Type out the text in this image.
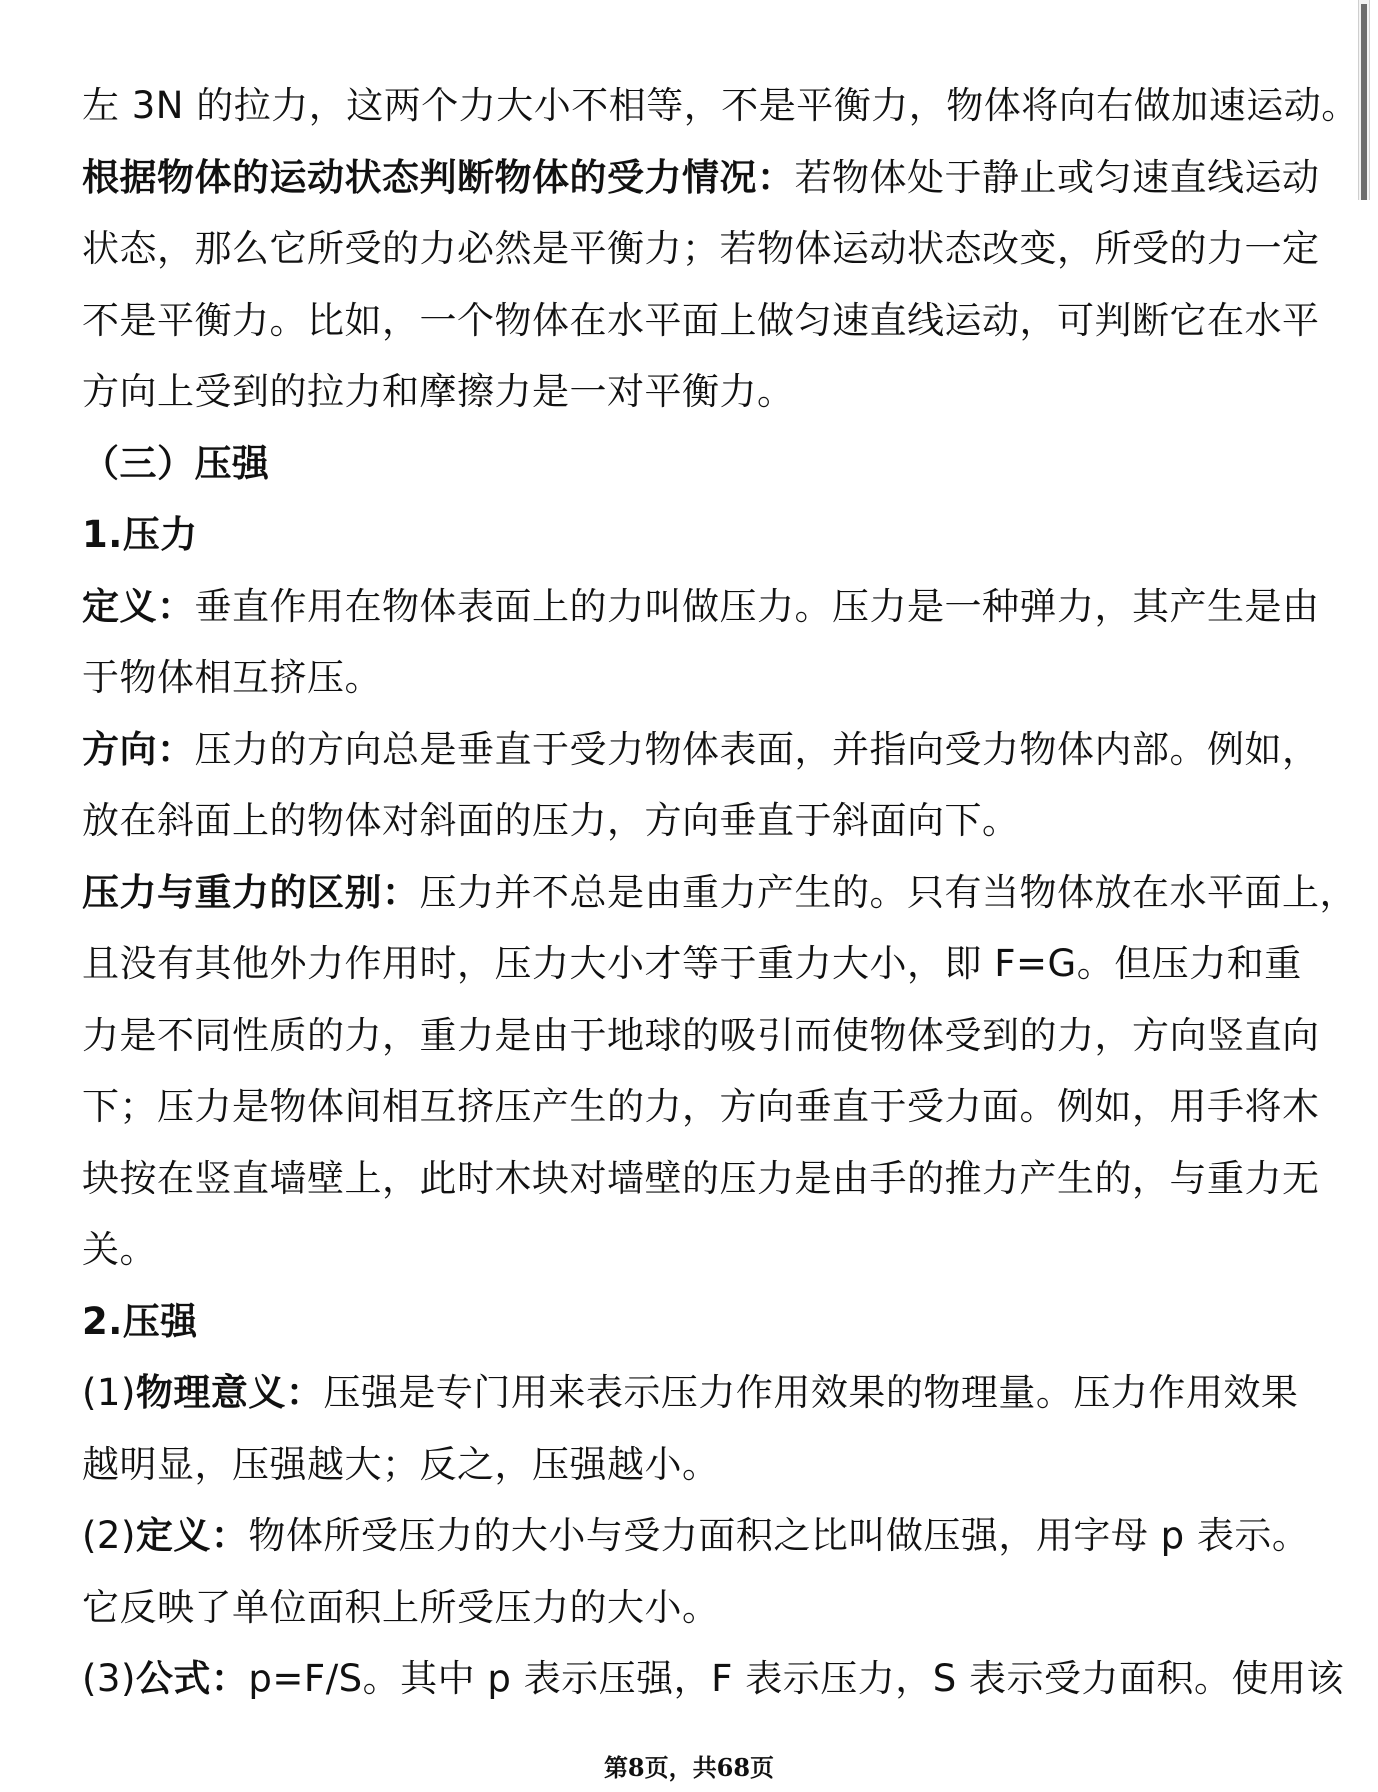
左 3N 的拉力，这两个力大小不相等，不是平衡力，物体将向右做加速运动。
根据物体的运动状态判断物体的受力情况：若物体处于静止或匀速直线运动
状态，那么它所受的力必然是平衡力；若物体运动状态改变，所受的力一定
不是平衡力。比如，一个物体在水平面上做匀速直线运动，可判断它在水平
方向上受到的拉力和摩擦力是一对平衡力。
（三）压强
1.压力
定义：垂直作用在物体表面上的力叫做压力。压力是一种弹力，其产生是由
于物体相互挤压。
方向：压力的方向总是垂直于受力物体表面，并指向受力物体内部。例如，
放在斜面上的物体对斜面的压力，方向垂直于斜面向下。
压力与重力的区别：压力并不总是由重力产生的。只有当物体放在水平面上，
且没有其他外力作用时，压力大小才等于重力大小，即 F=G。但压力和重
力是不同性质的力，重力是由于地球的吸引而使物体受到的力，方向竖直向
下；压力是物体间相互挤压产生的力，方向垂直于受力面。例如，用手将木
块按在竖直墙壁上，此时木块对墙壁的压力是由手的推力产生的，与重力无
关。
2.压强
(1)物理意义：压强是专门用来表示压力作用效果的物理量。压力作用效果
越明显，压强越大；反之，压强越小。
(2)定义：物体所受压力的大小与受力面积之比叫做压强，用字母 p 表示。
它反映了单位面积上所受压力的大小。
(3)公式：p=F/S。其中 p 表示压强，F 表示压力，S 表示受力面积。使用该
第8页，共68页
